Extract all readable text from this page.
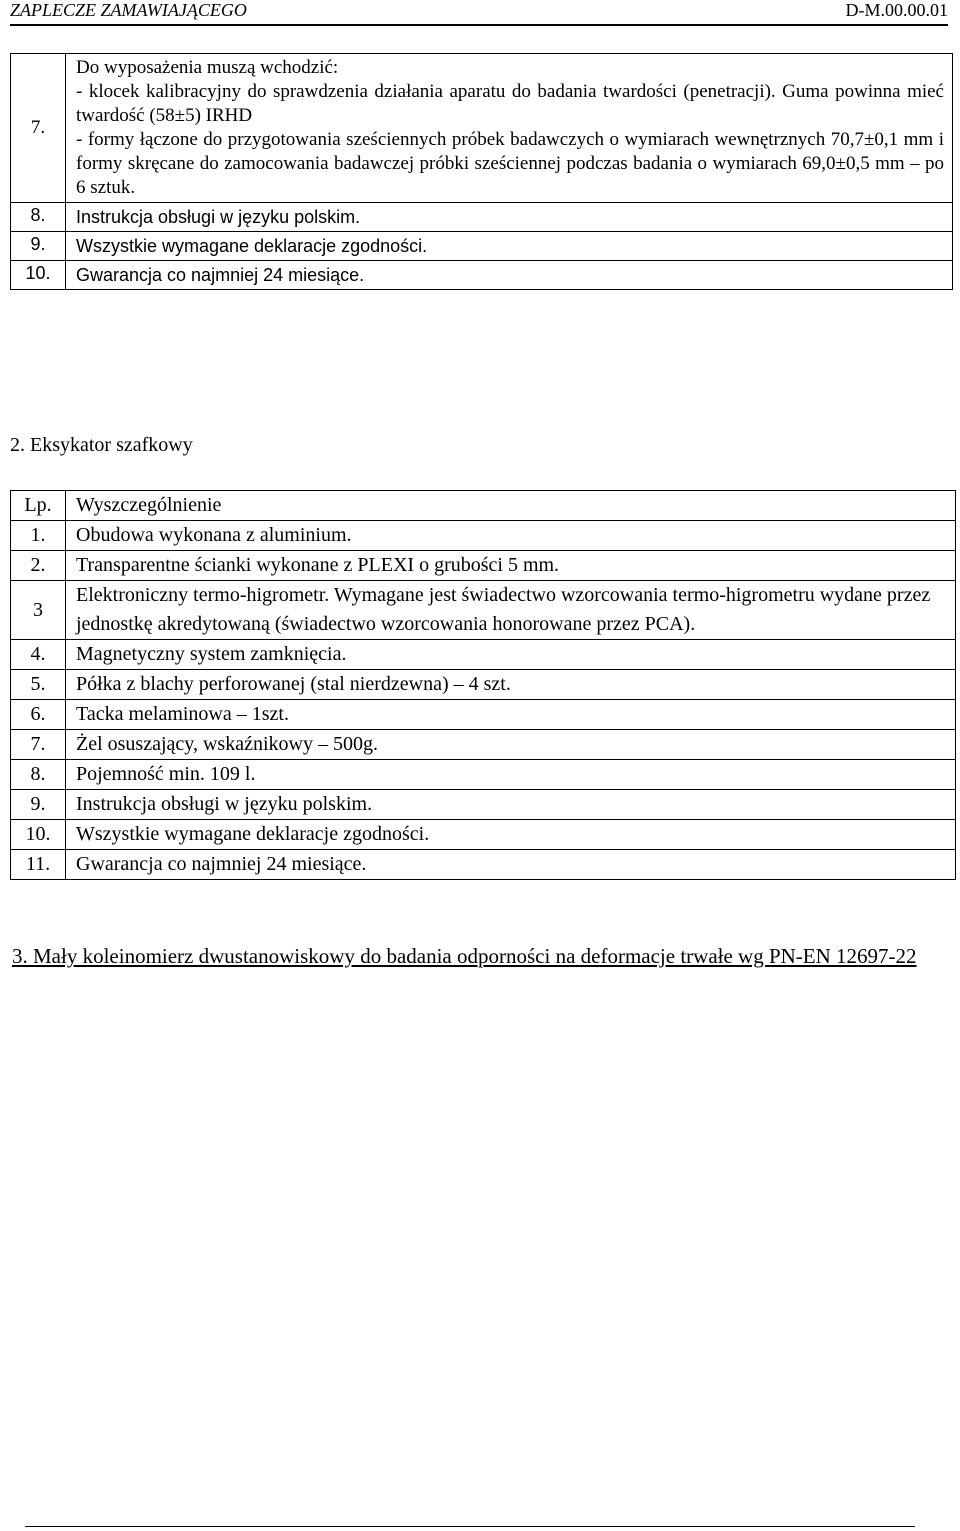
ZAPLECZE ZAMAWIAJĄCEGO	D-M.00.00.01
7.	Do wyposażenia muszą wchodzić:
- klocek kalibracyjny do sprawdzenia działania aparatu do badania twardości (penetracji). Guma powinna mieć twardość (58±5) IRHD
- formy łączone do przygotowania sześciennych próbek badawczych o wymiarach wewnętrznych 70,7±0,1 mm i formy skręcane do zamocowania badawczej próbki sześciennej podczas badania o wymiarach 69,0±0,5 mm – po 6 sztuk.

8.	Instrukcja obsługi w języku polskim.
9.	Wszystkie wymagane deklaracje zgodności.
10.	Gwarancja co najmniej 24 miesiące.
2. Eksykator szafkowy
Lp.	Wyszczególnienie
1.	Obudowa wykonana z aluminium.
2.	Transparentne ścianki wykonane z PLEXI o grubości 5 mm.
3	Elektroniczny termo-higrometr. Wymagane jest świadectwo wzorcowania termo-higrometru wydane przez jednostkę akredytowaną (świadectwo wzorcowania honorowane przez PCA).
4.	Magnetyczny system zamknięcia.
5.	Półka z blachy perforowanej (stal nierdzewna) – 4 szt.
6.	Tacka melaminowa – 1szt.
7.	Żel osuszający, wskaźnikowy – 500g.
8.	Pojemność min. 109 l.
9.	Instrukcja obsługi w języku polskim.
10.	Wszystkie wymagane deklaracje zgodności.
11.	Gwarancja co najmniej 24 miesiące.
3. Mały koleinomierz dwustanowiskowy do badania odporności na deformacje trwałe wg PN-EN 12697-22
